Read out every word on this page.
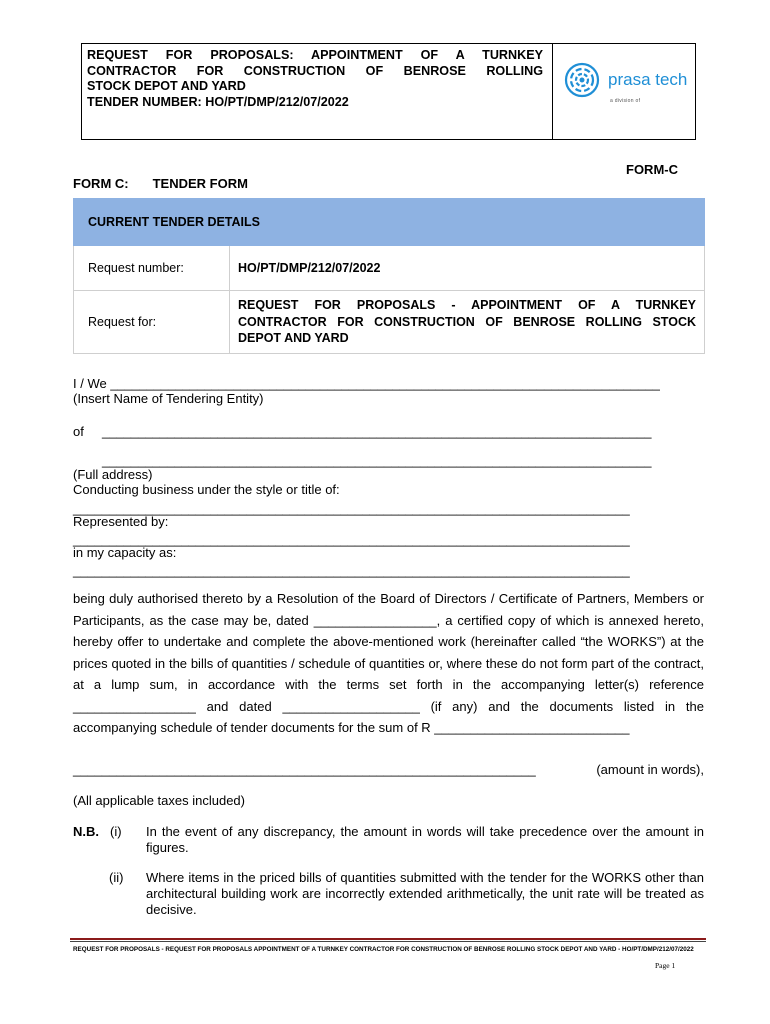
REQUEST FOR PROPOSALS: APPOINTMENT OF A TURNKEY
CONTRACTOR FOR CONSTRUCTION OF BENROSE ROLLING
STOCK DEPOT AND YARD
TENDER NUMBER: HO/PT/DMP/212/07/2022
prasa tech
a division of
FORM-C
FORM C: TENDER FORM
CURRENT TENDER DETAILS	
Request number:	HO/PT/DMP/212/07/2022
Request for:	REQUEST FOR PROPOSALS - APPOINTMENT OF A TURNKEY CONTRACTOR FOR CONSTRUCTION OF BENROSE ROLLING STOCK DEPOT AND YARD
I / We ____________________________________________________________________________
(Insert Name of Tendering Entity)
of ____________________________________________________________________________
____________________________________________________________________________
(Full address)
Conducting business under the style or title of:
_____________________________________________________________________________
Represented by:
_____________________________________________________________________________
in my capacity as:
_____________________________________________________________________________
being duly authorised thereto by a Resolution of the Board of Directors / Certificate of Partners, Members or Participants, as the case may be, dated _________________, a certified copy of which is annexed hereto, hereby offer to undertake and complete the above-mentioned work (hereinafter called “the WORKS”) at the prices quoted in the bills of quantities / schedule of quantities or, where these do not form part of the contract, at a lump sum, in accordance with the terms set forth in the accompanying letter(s) reference _________________ and dated ___________________ (if any) and the documents listed in the accompanying schedule of tender documents for the sum of R ___________________________
________________________________________________________________	(amount in words),
(All applicable taxes included)
N.B. (i) In the event of any discrepancy, the amount in words will take precedence over the amount in figures.
(ii) Where items in the priced bills of quantities submitted with the tender for the WORKS other than architectural building work are incorrectly extended arithmetically, the unit rate will be treated as decisive.
REQUEST FOR PROPOSALS - REQUEST FOR PROPOSALS APPOINTMENT OF A TURNKEY CONTRACTOR FOR CONSTRUCTION OF BENROSE ROLLING STOCK DEPOT AND YARD - HO/PT/DMP/212/07/2022
Page 1
